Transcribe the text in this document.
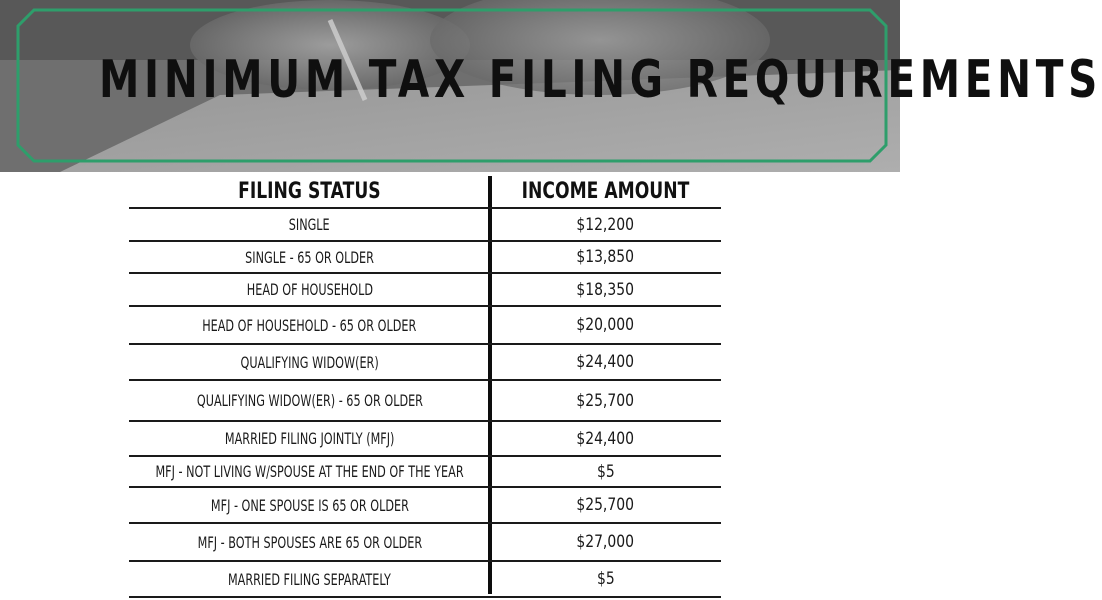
MINIMUM TAX FILING REQUIREMENTS
FILING STATUS	INCOME AMOUNT
SINGLE	$12,200
SINGLE - 65 OR OLDER	$13,850
HEAD OF HOUSEHOLD	$18,350
HEAD OF HOUSEHOLD - 65 OR OLDER	$20,000
QUALIFYING WIDOW(ER)	$24,400
QUALIFYING WIDOW(ER) - 65 OR OLDER	$25,700
MARRIED FILING JOINTLY (MFJ)	$24,400
MFJ - NOT LIVING W/SPOUSE AT THE END OF THE YEAR	$5
MFJ - ONE SPOUSE IS 65 OR OLDER	$25,700
MFJ - BOTH SPOUSES ARE 65 OR OLDER	$27,000
MARRIED FILING SEPARATELY	$5
